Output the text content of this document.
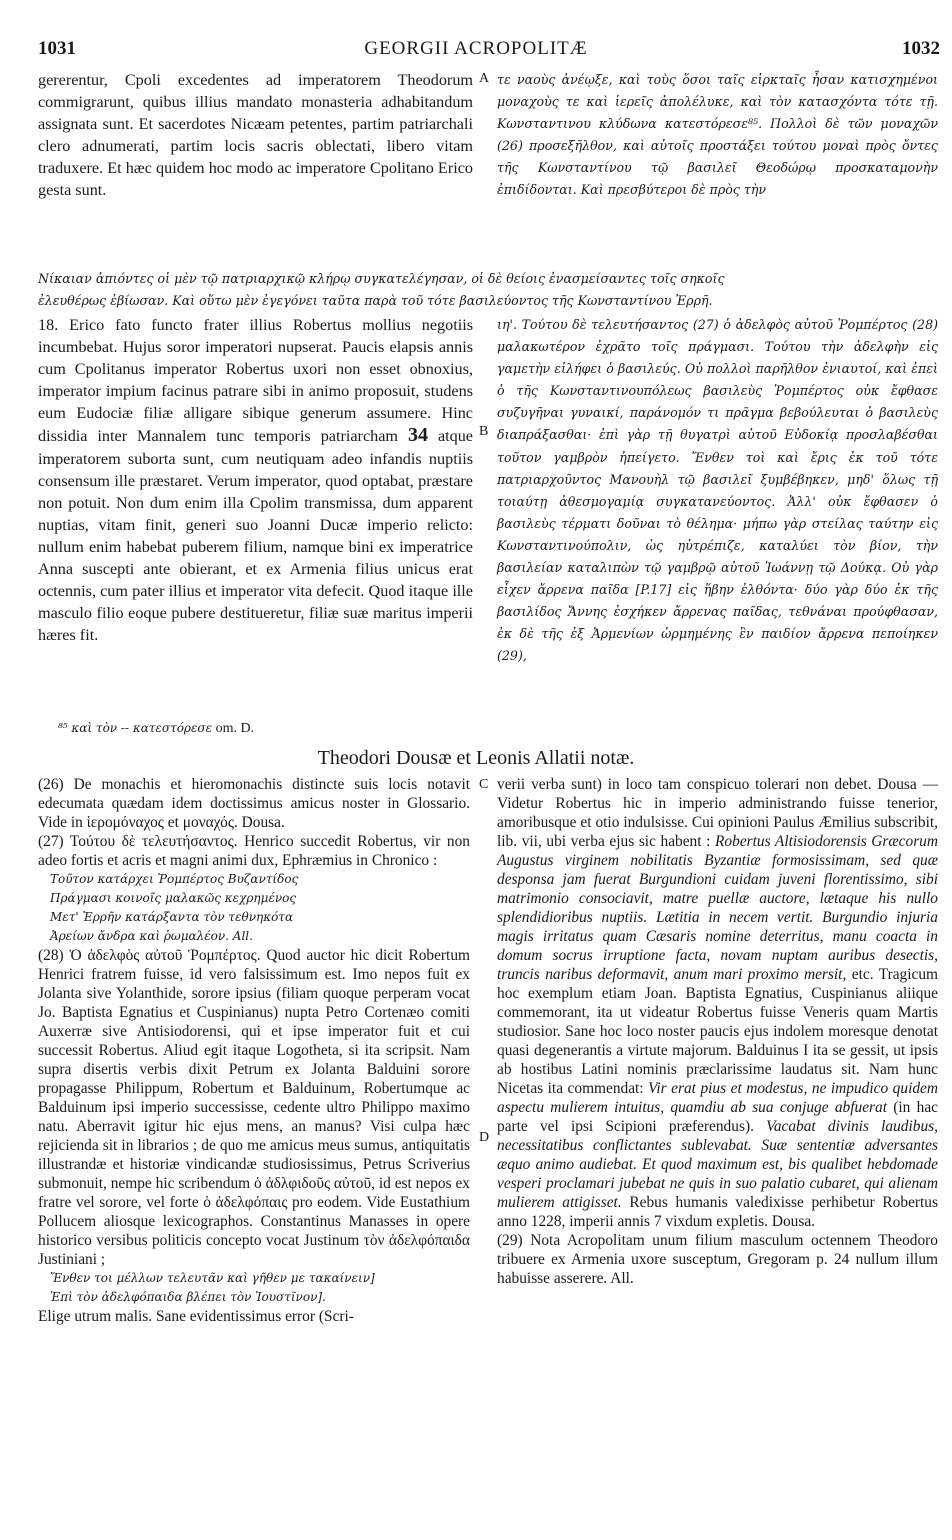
1031	GEORGII ACROPOLITÆ	1032
gererentur, Cpoli excedentes ad imperatorem Theodorum commigrarunt, quibus illius mandato monasteria adhabitandum assignata sunt. Et sacerdotes Nicæam petentes, partim patriarchali clero adnumerati, partim locis sacris oblectati, libero vitam traduxere. Et hæc quidem hoc modo ac imperatore Cpolitano Erico gesta sunt.
A τε ναοὺς ἀνέῳξε, καὶ τοὺς ὅσοι ταῖς εἰρκταῖς ἦσαν κατισχημένοι μοναχοὺς τε καὶ ἱερεῖς ἀπολέλυκε, καὶ τὸν κατασχόντα τότε τῇ. Κωνσταντινου κλύδωνα κατεστόρεσε⁸⁵. Πολλοὶ δὲ τῶν μοναχῶν (26) προσεξῆλθον, καὶ αὐτοῖς προστάξει τούτου μοναὶ πρὸς ὄντες τῆς Κωνσταντίνου τῷ βασιλεῖ Θεοδώρῳ προσκαταμονὴν ἐπιδίδονται. Καὶ πρεσβύτεροι δὲ πρὸς τὴν
Νίκαιαν ἀπιόντες οἱ μὲν τῷ πατριαρχικῷ κλήρῳ συγκατελέγησαν, οἱ δὲ θείοις ἐνασμείσαντες τοῖς σηκοῖς
ἐλευθέρως ἐβίωσαν. Καὶ οὕτω μὲν ἐγεγόνει ταῦτα παρὰ τοῦ τότε βασιλεύοντος τῆς Κωνσταντίνου Ἐρρῆ.
18. Erico fato functo frater illius Robertus mollius negotiis incumbebat. Hujus soror imperatori nupserat. Paucis elapsis annis cum Cpolitanus imperator Robertus uxori non esset obnoxius, imperator impium facinus patrare sibi in animo proposuit, studens eum Eudociæ filiæ alligare sibique generum assumere. Hinc dissidia inter Mannalem tunc temporis patriarcham 34 atque imperatorem suborta sunt, cum neutiquam adeo infandis nuptiis consensum ille præstaret. Verum imperator, quod optabat, præstare non potuit. Non dum enim illa Cpolim transmissa, dum apparent nuptias, vitam finit, generi suo Joanni Ducæ imperio relicto: nullum enim habebat puberem filium, namque bini ex imperatrice Anna suscepti ante obierant, et ex Armenia filius unicus erat octennis, cum pater illius et imperator vita defecit. Quod itaque ille masculo filio eoque pubere destitueretur, filiæ suæ maritus imperii hæres fit.
B
ιη'. Τούτου δὲ τελευτήσαντος (27) ὁ ἀδελφὸς αὐτοῦ Ῥομπέρτος (28) μαλακωτέρον ἐχρᾶτο τοῖς πράγμασι. Τούτου τὴν ἀδελφὴν εἰς γαμετὴν εἰλήφει ὁ βασιλεύς. Οὐ πολλοὶ παρῆλθον ἐνιαυτοί, καὶ ἐπεὶ ὁ τῆς Κωνσταντινουπόλεως βασιλεὺς Ῥομπέρτος οὐκ ἔφθασε συζυγῆναι γυναικί, παράνομόν τι πρᾶγμα βεβούλευται ὁ βασιλεὺς διαπράξασθαι· ἐπὶ γὰρ τῇ θυγατρὶ αὐτοῦ Εὐδοκίᾳ προσλαβέσθαι τοῦτον γαμβρὸν ἠπείγετο. Ἔνθεν τοὶ καὶ ἔρις ἐκ τοῦ τότε πατριαρχοῦντος Μανουὴλ τῷ βασιλεῖ ξυμβέβηκεν, μηδ' ὅλως τῇ τοιαύτῃ ἀθεσμογαμίᾳ συγκατανεύοντος. Ἀλλ' οὐκ ἔφθασεν ὁ βασιλεὺς τέρματι δοῦναι τὸ θέλημα· μήπω γὰρ στείλας ταύτην εἰς Κωνσταντινούπολιν, ὡς ηὐτρέπιζε, καταλύει τὸν βίον, τὴν βασιλείαν καταλιπὼν τῷ γαμβρῷ αὐτοῦ Ἰωάννῃ τῷ Δούκᾳ. Οὐ γὰρ εἶχεν ἄρρενα παῖδα [P.17] εἰς ἥβην ἐλθόντα· δύο γὰρ δύο ἐκ τῆς βασιλίδος Ἄννης ἐσχήκεν ἄρρενας παῖδας, τεθνάναι προύφθασαν, ἐκ δὲ τῆς ἐξ Ἀρμενίων ὡρμημένης ἓν παιδίον ἄρρενα πεποίηκεν (29),
⁸⁵ καὶ τὸν -- κατεστόρεσε om. D.
Theodori Dousæ et Leonis Allatii notæ.

(26) De monachis et hieromonachis distincte suis locis notavit edecumata quædam idem doctissimus amicus noster in Glossario. Vide in ἱερομόναχος et μοναχός. Dousa.

(27) Τούτου δὲ τελευτήσαντος. Henrico succedit Robertus, vir non adeo fortis et acris et magni animi dux, Ephræmius in Chronico :

Τοῦτον κατάρχει Ῥομπέρτος Βυζαντίδος
Πράγμασι κοινοῖς μαλακῶς κεχρημένος
Μετ' Ἐρρῆν κατάρξαντα τὸν τεθνηκότα
Ἀρείων ἄνδρα καὶ ῥωμαλέον. All.

(28) Ὁ ἀδελφὸς αὐτοῦ Ῥομπέρτος. Quod auctor hic dicit Robertum Henrici fratrem fuisse, id vero falsissimum est. Imo nepos fuit ex Jolanta sive Yolanthide, sorore ipsius (filiam quoque perperam vocat Jo. Baptista Egnatius et Cuspinianus) nupta Petro Cortenæo comiti Auxerræ sive Antisiodorensi, qui et ipse imperator fuit et cui successit Robertus. Aliud egit itaque Logotheta, si ita scripsit. Nam supra disertis verbis dixit Petrum ex Jolanta Balduini sorore propagasse Philippum, Robertum et Balduinum, Robertumque ac Balduinum ipsi imperio successisse, cedente ultro Philippo maximo natu. Aberravit igitur hic ejus mens, an manus? Visi culpa hæc rejicienda sit in librarios ; de quo me amicus meus sumus, antiquitatis illustrandæ et historiæ vindicandæ studiosissimus, Petrus Scriverius submonuit, nempe hic scribendum ὁ ἀδλφιδοῦς αὐτοῦ, id est nepos ex fratre vel sorore, vel forte ὁ ἀδελφόπαις pro eodem. Vide Eustathium Pollucem aliosque lexicographos. Constantinus Manasses in opere historico versibus politicis concepto vocat Justinum τὸν ἀδελφόπαιδα Justiniani ;

Ἔνθεν τοι μέλλων τελευτᾶν καὶ γῆθεν με τακαίνειν]
Ἐπὶ τὸν ἀδελφόπαιδα βλέπει τὸν Ἰουστῖνον].

Elige utrum malis. Sane evidentissimus error (Scri-

C
D

verii verba sunt) in loco tam conspicuo tolerari non debet. Dousa — Videtur Robertus hic in imperio administrando fuisse tenerior, amoribusque et otio indulsisse. Cui opinioni Paulus Æmilius subscribit, lib. vii, ubi verba ejus sic habent : Robertus Altisiodorensis Græcorum Augustus virginem nobilitatis Byzantiæ formosissimam, sed quæ desponsa jam fuerat Burgundioni cuidam juveni florentissimo, sibi matrimonio consociavit, matre puellæ auctore, lætaque his nullo splendidioribus nuptiis. Lætitia in necem vertit. Burgundio injuria magis irritatus quam Cæsaris nomine deterritus, manu coacta in domum socrus irruptione facta, novam nuptam auribus desectis, truncis naribus deformavit, anum mari proximo mersit, etc. Tragicum hoc exemplum etiam Joan. Baptista Egnatius, Cuspinianus aliique commemorant, ita ut videatur Robertus fuisse Veneris quam Martis studiosior. Sane hoc loco noster paucis ejus indolem moresque denotat quasi degenerantis a virtute majorum. Balduinus I ita se gessit, ut ipsis ab hostibus Latini nominis præclarissime laudatus sit. Nam hunc Nicetas ita commendat: Vir erat pius et modestus, ne impudico quidem aspectu mulierem intuitus, quamdiu ab sua conjuge abfuerat (in hac parte vel ipsi Scipioni præferendus). Vacabat divinis laudibus, necessitatibus conflictantes sublevabat. Suæ sententiæ adversantes æquo animo audiebat. Et quod maximum est, bis qualibet hebdomade vesperi proclamari jubebat ne quis in suo palatio cubaret, qui alienam mulierem attigisset. Rebus humanis valedixisse perhibetur Robertus anno 1228, imperii annis 7 vixdum expletis. Dousa.

(29) Nota Acropolitam unum filium masculum octennem Theodoro tribuere ex Armenia uxore susceptum, Gregoram p. 24 nullum illum habuisse asserere. All.
